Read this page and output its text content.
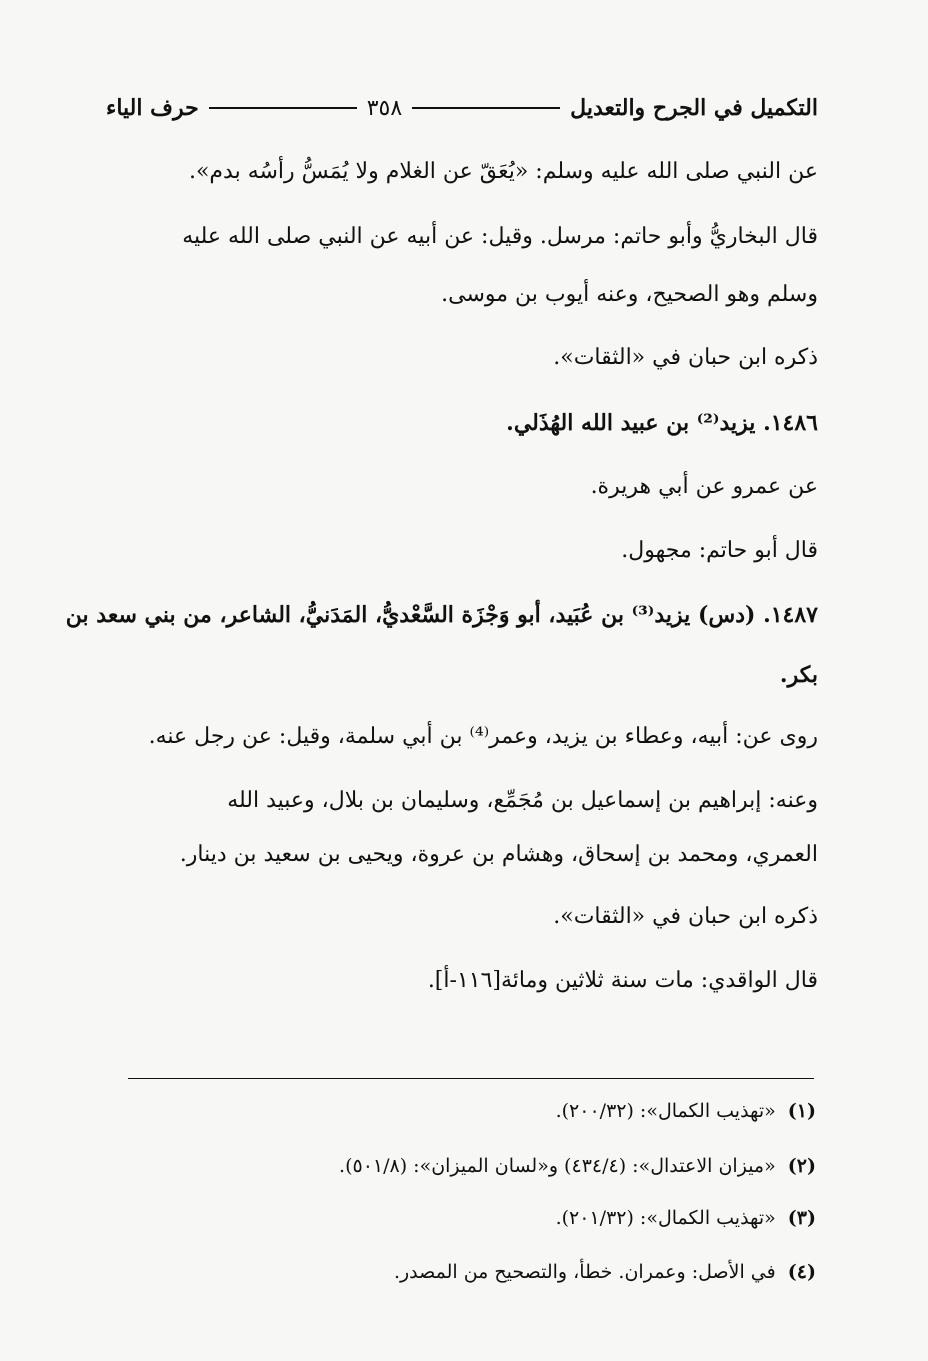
التكميل في الجرح والتعديل
٣٥٨
حرف الياء
عن النبي صلى الله عليه وسلم: «يُعَقّ عن الغلام ولا يُمَسُّ رأسُه بدم».
قال البخاريُّ وأبو حاتم: مرسل. وقيل: عن أبيه عن النبي صلى الله عليه
وسلم وهو الصحيح، وعنه أيوب بن موسى.
ذكره ابن حبان في «الثقات».
١٤٨٦. يزيد⁽²⁾ بن عبيد الله الهُذَلي.
عن عمرو عن أبي هريرة.
قال أبو حاتم: مجهول.
١٤٨٧. (دس) يزيد⁽³⁾ بن عُبَيد، أبو وَجْزَة السَّعْديُّ، المَدَنيُّ، الشاعر، من بني سعد بن
بكر.
روى عن: أبيه، وعطاء بن يزيد، وعمر⁽⁴⁾ بن أبي سلمة، وقيل: عن رجل عنه.
وعنه: إبراهيم بن إسماعيل بن مُجَمِّع، وسليمان بن بلال، وعبيد الله
العمري، ومحمد بن إسحاق، وهشام بن عروة، ويحيى بن سعيد بن دينار.
ذكره ابن حبان في «الثقات».
قال الواقدي: مات سنة ثلاثين ومائة[١١٦-أ].
(١) «تهذيب الكمال»: (٢٠٠/٣٢).
(٢) «ميزان الاعتدال»: (٤٣٤/٤) و«لسان الميزان»: (٥٠١/٨).
(٣) «تهذيب الكمال»: (٢٠١/٣٢).
(٤) في الأصل: وعمران. خطأ، والتصحيح من المصدر.
